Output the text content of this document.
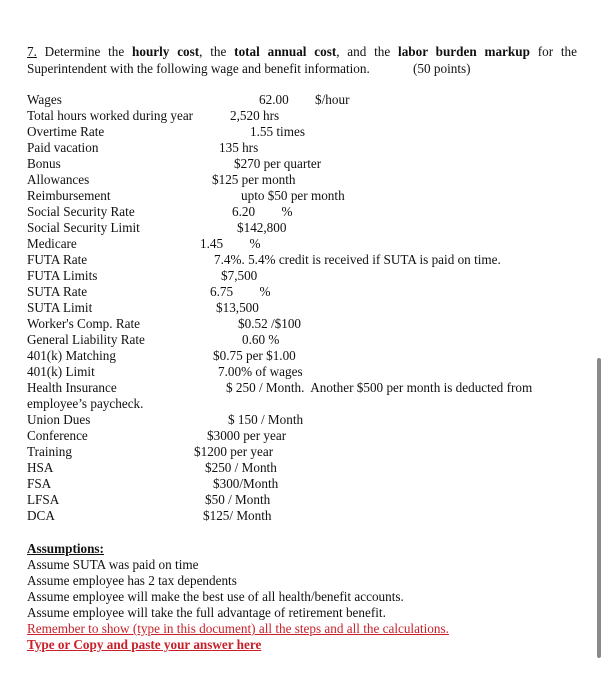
7. Determine the hourly cost, the total annual cost, and the labor burden markup for the Superintendent with the following wage and benefit information.	(50 points)
Wages	62.00        $/hour
Total hours worked during year	2,520 hrs
Overtime Rate	1.55 times
Paid vacation	135 hrs
Bonus	$270 per quarter
Allowances	$125 per month
Reimbursement	upto $50 per month
Social Security Rate	6.20        %
Social Security Limit	$142,800
Medicare	1.45        %
FUTA Rate	7.4%. 5.4% credit is received if SUTA is paid on time.
FUTA Limits	$7,500
SUTA Rate	6.75        %
SUTA Limit	$13,500
Worker's Comp. Rate	$0.52 /$100
General Liability Rate	0.60 %
401(k) Matching	$0.75 per $1.00
401(k) Limit	7.00% of wages
Health Insurance	$ 250 / Month.  Another $500 per month is deducted from
employee’s paycheck.
Union Dues	$ 150 / Month
Conference	$3000 per year
Training	$1200 per year
HSA	$250 / Month
FSA	$300/Month
LFSA	$50 / Month
DCA	$125/ Month
Assumptions:
Assume SUTA was paid on time
Assume employee has 2 tax dependents
Assume employee will make the best use of all health/benefit accounts.
Assume employee will take the full advantage of retirement benefit.
Remember to show (type in this document) all the steps and all the calculations.
Type or Copy and paste your answer here
